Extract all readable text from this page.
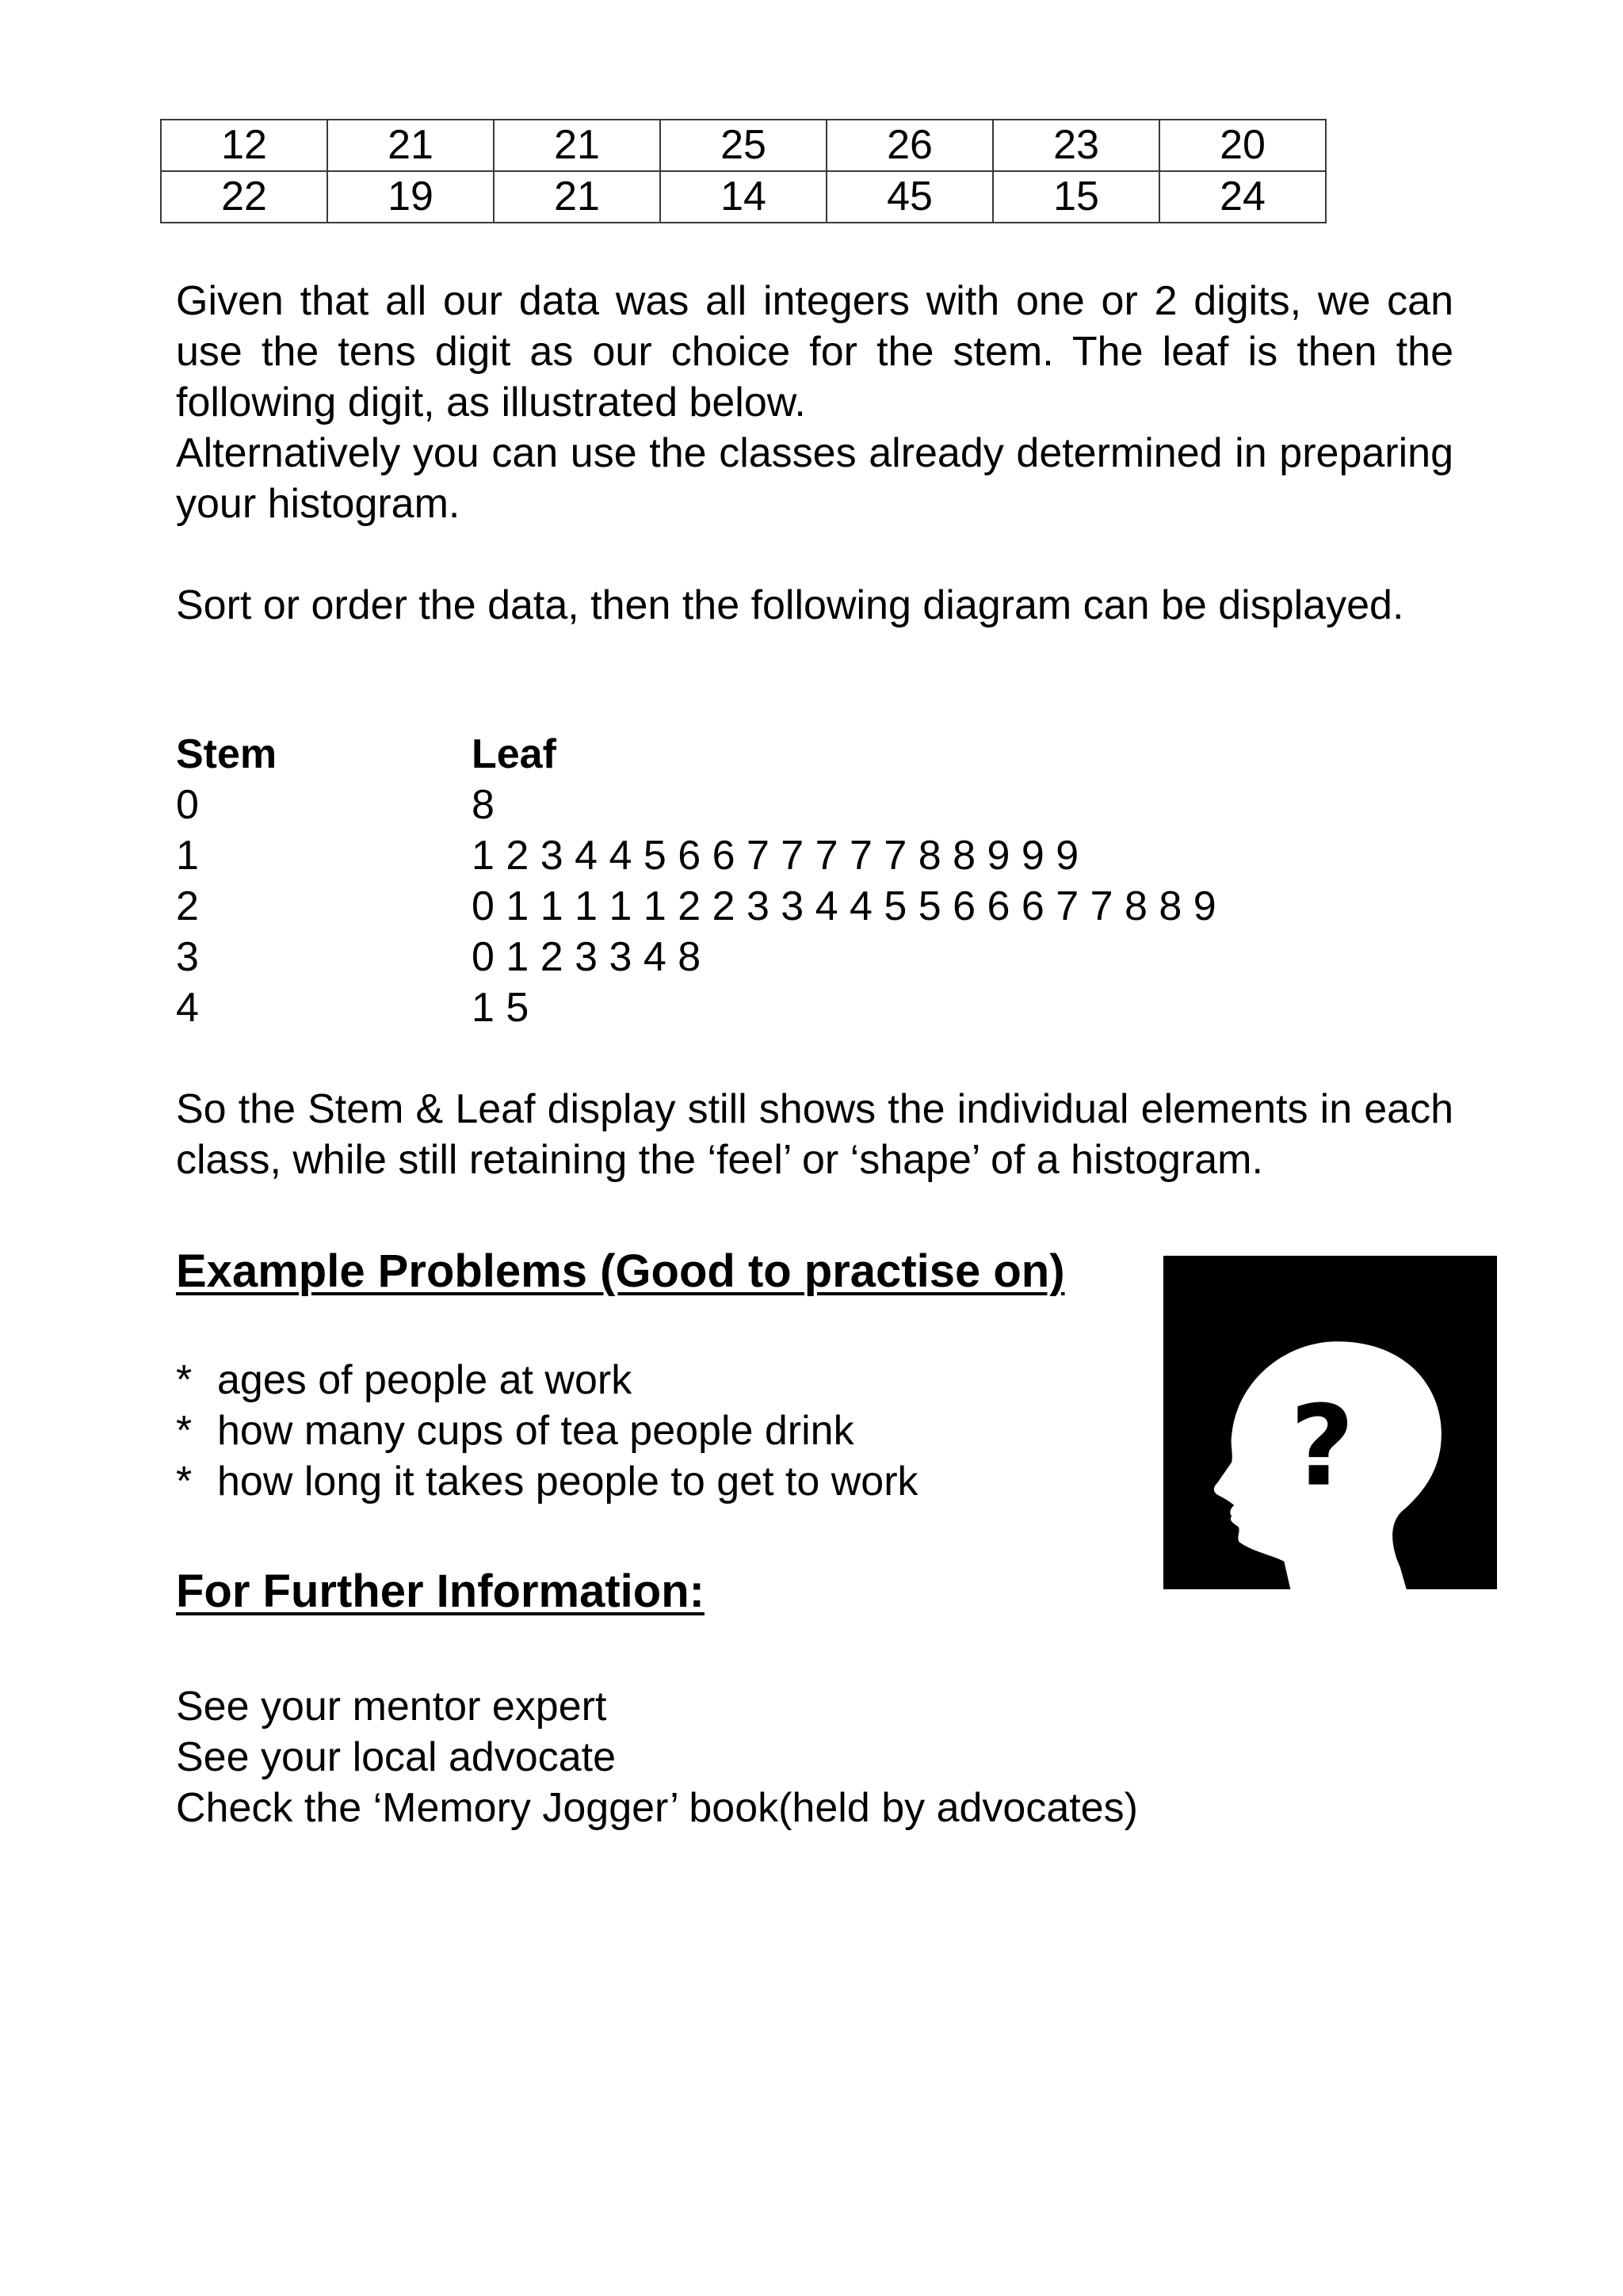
12	21	21	25	26	23	20
22	19	21	14	45	15	24

Given that all our data was all integers with one or 2 digits, we can use the tens digit as our choice for the stem. The leaf is then the following digit, as illustrated below.

Alternatively you can use the classes already determined in preparing your histogram.

Sort or order the data, then the following diagram can be displayed.

Stem	Leaf
0	8
1	1 2 3 4 4 5 6 6 7 7 7 7 7 8 8 9 9 9
2	0 1 1 1 1 1 2 2 3 3 4 4 5 5 6 6 6 7 7 8 8 9
3	0 1 2 3 3 4 8
4	1 5

So the Stem & Leaf display still shows the individual elements in each class, while still retaining the ‘feel’ or ‘shape’ of a histogram.

Example Problems (Good to practise on)
* ages of people at work
* how many cups of tea people drink
* how long it takes people to get to work
For Further Information:
See your mentor expert
See your local advocate
Check the ‘Memory Jogger’ book(held by advocates)
?
